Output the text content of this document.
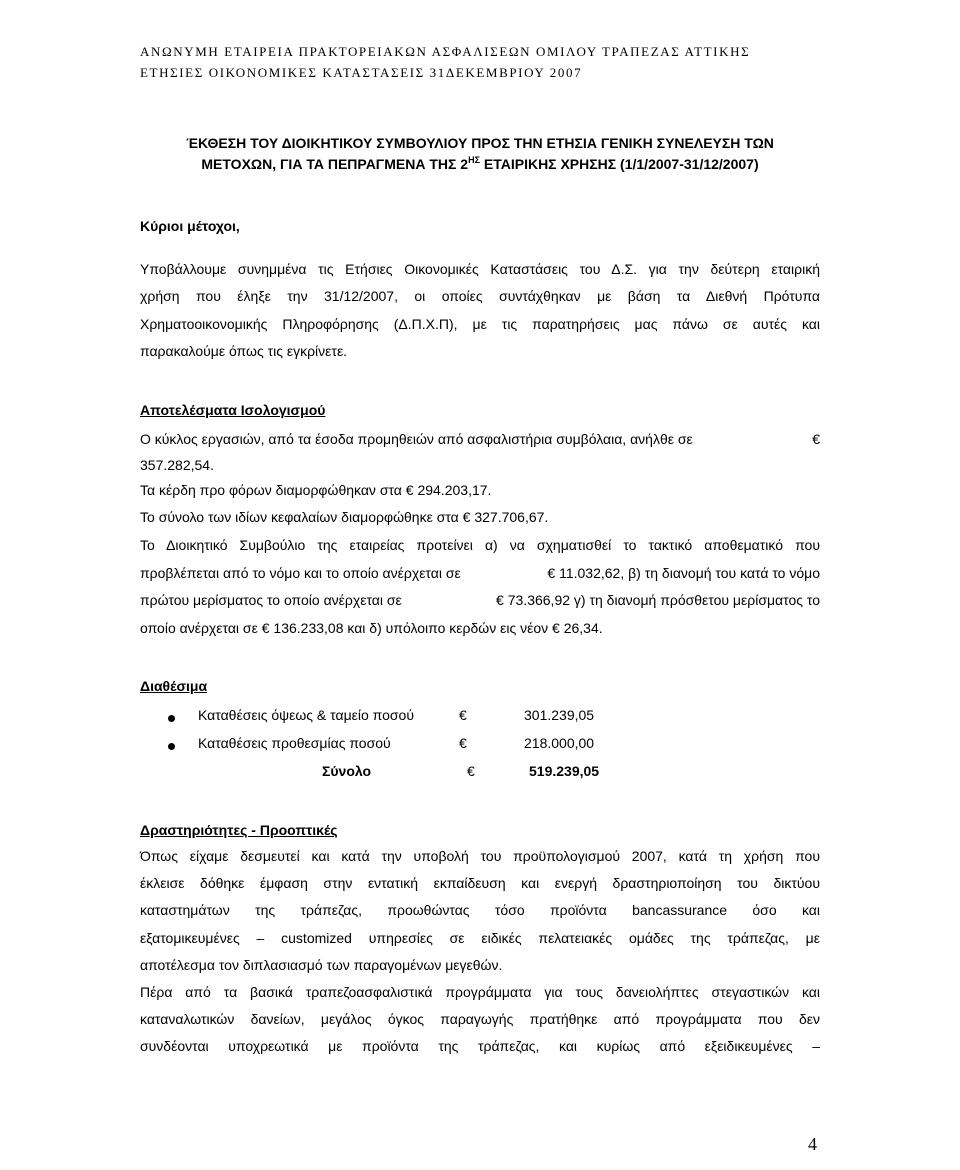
ΑΝΩΝΥΜΗ ΕΤΑΙΡΕΙΑ ΠΡΑΚΤΟΡΕΙΑΚΩΝ ΑΣΦΑΛΙΣΕΩΝ ΟΜΙΛΟΥ ΤΡΑΠΕΖΑΣ ΑΤΤΙΚΗΣ
ΕΤΗΣΙΕΣ ΟΙΚΟΝΟΜΙΚΕΣ ΚΑΤΑΣΤΑΣΕΙΣ 31ΔΕΚΕΜΒΡΙΟΥ 2007
ΈΚΘΕΣΗ ΤΟΥ ΔΙΟΙΚΗΤΙΚΟΥ ΣΥΜΒΟΥΛΙΟΥ ΠΡΟΣ ΤΗΝ ΕΤΗΣΙΑ ΓΕΝΙΚΗ ΣΥΝΕΛΕΥΣΗ ΤΩΝ
ΜΕΤΟΧΩΝ, ΓΙΑ ΤΑ ΠΕΠΡΑΓΜΕΝΑ ΤΗΣ $2^{H\Sigma}$ ΕΤΑΙΡΙΚΗΣ ΧΡΗΣΗΣ (1/1/2007-31/12/2007)
Κύριοι μέτοχοι,
Υποβάλλουμε συνημμένα τις Ετήσιες Οικονομικές Καταστάσεις του Δ.Σ. για την δεύτερη εταιρική
χρήση που έληξε την 31/12/2007, οι οποίες συντάχθηκαν με βάση τα Διεθνή Πρότυπα
Χρηματοοικονομικής Πληροφόρησης (Δ.Π.Χ.Π), με τις παρατηρήσεις μας πάνω σε αυτές και
παρακαλούμε όπως τις εγκρίνετε.
Αποτελέσματα Ισολογισμού
Ο κύκλος εργασιών, από τα έσοδα προμηθειών από ασφαλιστήρια συμβόλαια, ανήλθε σε	€
357.282,54.
Τα κέρδη προ φόρων διαμορφώθηκαν στα € 294.203,17.
Το σύνολο των ιδίων κεφαλαίων διαμορφώθηκε στα € 327.706,67.
Το Διοικητικό Συμβούλιο της εταιρείας προτείνει α) να σχηματισθεί το τακτικό αποθεματικό που
προβλέπεται από το νόμο και το οποίο ανέρχεται σε	€ 11.032,62, β) τη διανομή του κατά το νόμο
πρώτου μερίσματος το οποίο ανέρχεται σε	€ 73.366,92 γ) τη διανομή πρόσθετου μερίσματος το
οποίο ανέρχεται σε € 136.233,08 και δ) υπόλοιπο κερδών εις νέον € 26,34.
Διαθέσιμα
Καταθέσεις όψεως & ταμείο ποσού	€	301.239,05
Καταθέσεις προθεσμίας ποσού	€	218.000,00
Σύνολο	€	519.239,05
Δραστηριότητες - Προοπτικές
Όπως είχαμε δεσμευτεί και κατά την υποβολή του προϋπολογισμού 2007, κατά τη χρήση που
έκλεισε δόθηκε έμφαση στην εντατική εκπαίδευση και ενεργή δραστηριοποίηση του δικτύου
καταστημάτων της τράπεζας, προωθώντας τόσο προϊόντα bancassurance όσο και
εξατομικευμένες – customized υπηρεσίες σε ειδικές πελατειακές ομάδες της τράπεζας, με
αποτέλεσμα τον διπλασιασμό των παραγομένων μεγεθών.
Πέρα από τα βασικά τραπεζοασφαλιστικά προγράμματα για τους δανειολήπτες στεγαστικών και
καταναλωτικών δανείων, μεγάλος όγκος παραγωγής πρατήθηκε από προγράμματα που δεν
συνδέονται υποχρεωτικά με προϊόντα της τράπεζας, και κυρίως από εξειδικευμένες –
4
